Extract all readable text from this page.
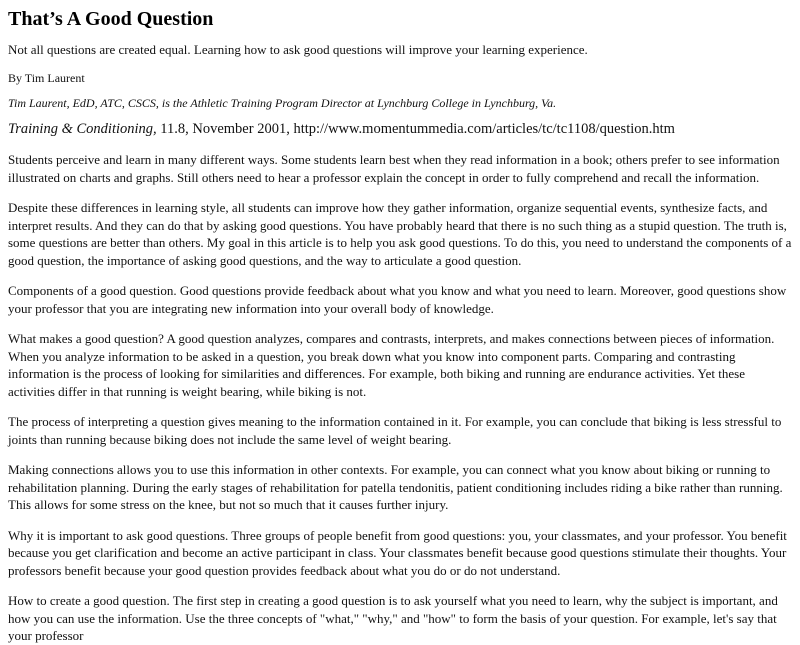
That’s A Good Question

Not all questions are created equal. Learning how to ask good questions will improve your learning experience.

By Tim Laurent

Tim Laurent, EdD, ATC, CSCS, is the Athletic Training Program Director at Lynchburg College in Lynchburg, Va.

Training & Conditioning, 11.8, November 2001, http://www.momentummedia.com/articles/tc/tc1108/question.htm

Students perceive and learn in many different ways. Some students learn best when they read information in a book; others prefer to see information illustrated on charts and graphs. Still others need to hear a professor explain the concept in order to fully comprehend and recall the information.

Despite these differences in learning style, all students can improve how they gather information, organize sequential events, synthesize facts, and interpret results. And they can do that by asking good questions. You have probably heard that there is no such thing as a stupid question. The truth is, some questions are better than others. My goal in this article is to help you ask good questions. To do this, you need to understand the components of a good question, the importance of asking good questions, and the way to articulate a good question.

Components of a good question. Good questions provide feedback about what you know and what you need to learn. Moreover, good questions show your professor that you are integrating new information into your overall body of knowledge.

What makes a good question? A good question analyzes, compares and contrasts, interprets, and makes connections between pieces of information. When you analyze information to be asked in a question, you break down what you know into component parts. Comparing and contrasting information is the process of looking for similarities and differences. For example, both biking and running are endurance activities. Yet these activities differ in that running is weight bearing, while biking is not.

The process of interpreting a question gives meaning to the information contained in it. For example, you can conclude that biking is less stressful to joints than running because biking does not include the same level of weight bearing.

Making connections allows you to use this information in other contexts. For example, you can connect what you know about biking or running to rehabilitation planning. During the early stages of rehabilitation for patella tendonitis, patient conditioning includes riding a bike rather than running. This allows for some stress on the knee, but not so much that it causes further injury.

Why it is important to ask good questions. Three groups of people benefit from good questions: you, your classmates, and your professor. You benefit because you get clarification and become an active participant in class. Your classmates benefit because good questions stimulate their thoughts. Your professors benefit because your good question provides feedback about what you do or do not understand.

How to create a good question. The first step in creating a good question is to ask yourself what you need to learn, why the subject is important, and how you can use the information. Use the three concepts of "what," "why," and "how" to form the basis of your question. For example, let's say that your professor
